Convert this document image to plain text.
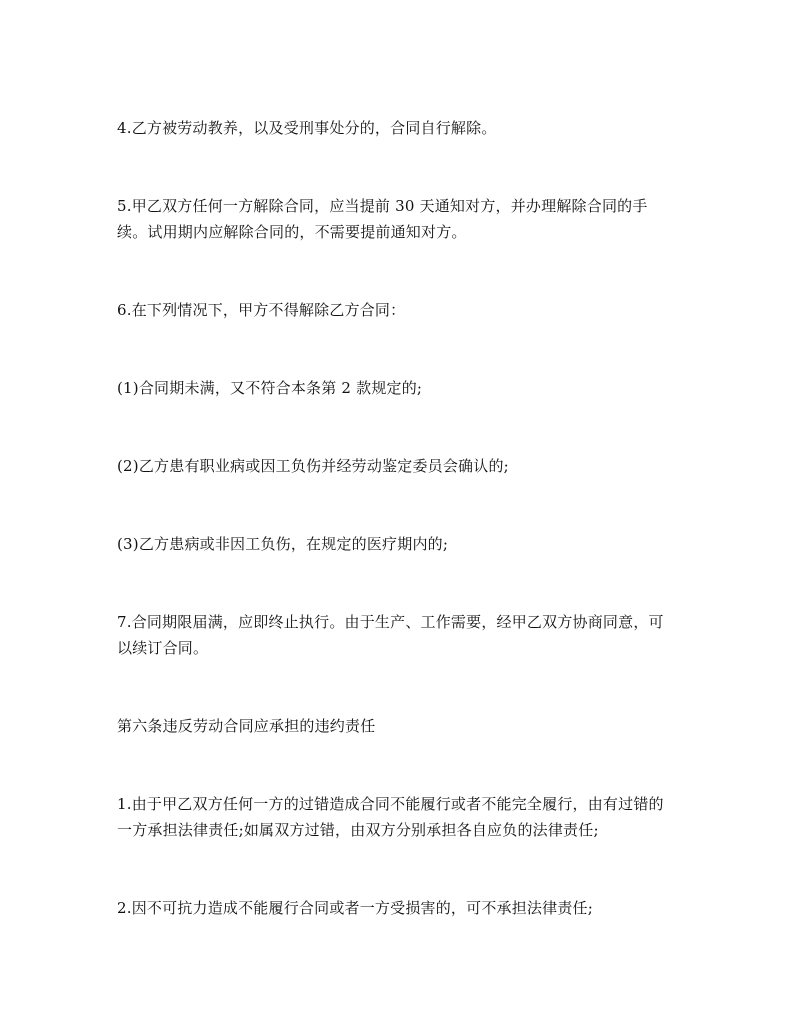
4.乙方被劳动教养，以及受刑事处分的，合同自行解除。

5.甲乙双方任何一方解除合同，应当提前 30 天通知对方，并办理解除合同的手
续。试用期内应解除合同的，不需要提前通知对方。

6.在下列情况下，甲方不得解除乙方合同：

(1)合同期未满，又不符合本条第 2 款规定的;

(2)乙方患有职业病或因工负伤并经劳动鉴定委员会确认的;

(3)乙方患病或非因工负伤，在规定的医疗期内的;

7.合同期限届满，应即终止执行。由于生产、工作需要，经甲乙双方协商同意，可
以续订合同。

第六条违反劳动合同应承担的违约责任

1.由于甲乙双方任何一方的过错造成合同不能履行或者不能完全履行，由有过错的
一方承担法律责任;如属双方过错，由双方分别承担各自应负的法律责任;

2.因不可抗力造成不能履行合同或者一方受损害的，可不承担法律责任;
